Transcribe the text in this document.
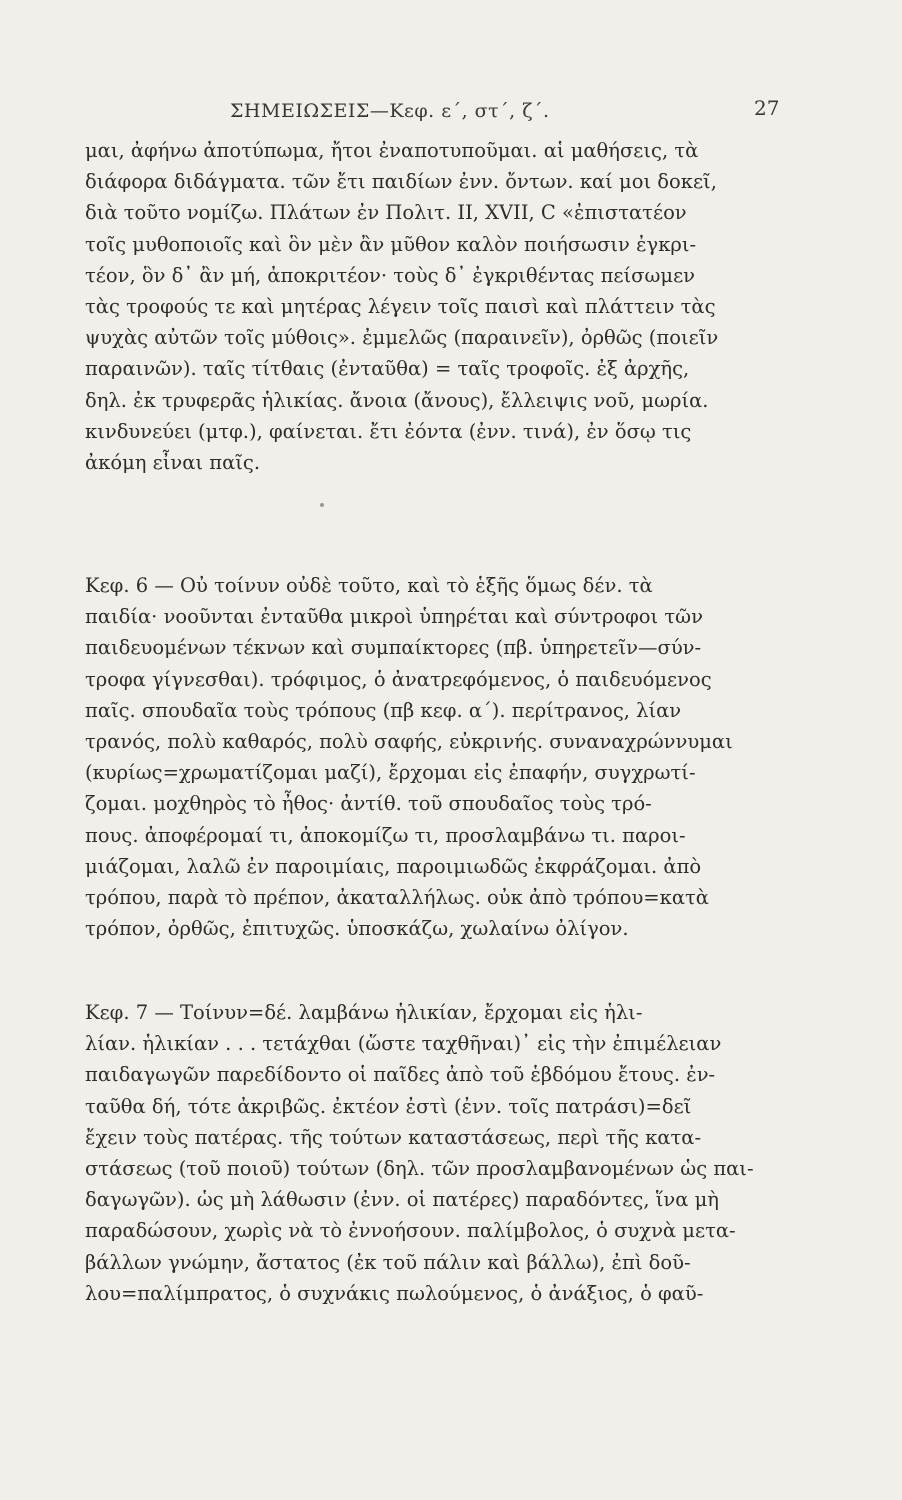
ΣΗΜΕΙΩΣΕΙΣ—Κεφ. ε΄, στ΄, ζ΄.	27
μαι, ἀφήνω ἀποτύπωμα, ἤτοι ἐναποτυποῦμαι. αἱ μαθήσεις, τὰ
διάφορα διδάγματα. τῶν ἔτι παιδίων ἐνν. ὄντων. καί μοι δοκεῖ,
διὰ τοῦτο νομίζω. Πλάτων ἐν Πολιτ. II, XVII, C «ἐπιστατέον
τοῖς μυθοποιοῖς καὶ ὃν μὲν ἂν μῦθον καλὸν ποιήσωσιν ἐγκρι-
τέον, ὃν δ᾽ ἂν μή, ἀποκριτέον· τοὺς δ᾽ ἐγκριθέντας πείσωμεν
τὰς τροφούς τε καὶ μητέρας λέγειν τοῖς παισὶ καὶ πλάττειν τὰς
ψυχὰς αὐτῶν τοῖς μύθοις». ἐμμελῶς (παραινεῖν), ὀρθῶς (ποιεῖν
παραινῶν). ταῖς τίτθαις (ἐνταῦθα) = ταῖς τροφοῖς. ἐξ ἀρχῆς,
δηλ. ἐκ τρυφερᾶς ἡλικίας. ἄνοια (ἄνους), ἔλλειψις νοῦ, μωρία.
κινδυνεύει (μτφ.), φαίνεται. ἔτι ἐόντα (ἐνν. τινά), ἐν ὅσῳ τις
ἀκόμη εἶναι παῖς.
Κεφ. 6 — Οὐ τοίνυν οὐδὲ τοῦτο, καὶ τὸ ἑξῆς ὅμως δέν. τὰ
παιδία· νοοῦνται ἐνταῦθα μικροὶ ὑπηρέται καὶ σύντροφοι τῶν
παιδευομένων τέκνων καὶ συμπαίκτορες (πβ. ὑπηρετεῖν—σύν-
τροφα γίγνεσθαι). τρόφιμος, ὁ ἀνατρεφόμενος, ὁ παιδευόμενος
παῖς. σπουδαῖα τοὺς τρόπους (πβ κεφ. α΄). περίτρανος, λίαν
τρανός, πολὺ καθαρός, πολὺ σαφής, εὐκρινής. συναναχρώννυμαι
(κυρίως=χρωματίζομαι μαζί), ἔρχομαι εἰς ἐπαφήν, συγχρωτί-
ζομαι. μοχθηρὸς τὸ ἦθος· ἀντίθ. τοῦ σπουδαῖος τοὺς τρό-
πους. ἀποφέρομαί τι, ἀποκομίζω τι, προσλαμβάνω τι. παροι-
μιάζομαι, λαλῶ ἐν παροιμίαις, παροιμιωδῶς ἐκφράζομαι. ἀπὸ
τρόπου, παρὰ τὸ πρέπον, ἀκαταλλήλως. οὐκ ἀπὸ τρόπου=κατὰ
τρόπον, ὀρθῶς, ἐπιτυχῶς. ὑποσκάζω, χωλαίνω ὀλίγον.
Κεφ. 7 — Τοίνυν=δέ. λαμβάνω ἡλικίαν, ἔρχομαι εἰς ἡλι-
λίαν. ἡλικίαν . . . τετάχθαι (ὥστε ταχθῆναι)᾽ εἰς τὴν ἐπιμέλειαν
παιδαγωγῶν παρεδίδοντο οἱ παῖδες ἀπὸ τοῦ ἑβδόμου ἔτους. ἐν-
ταῦθα δή, τότε ἀκριβῶς. ἐκτέον ἐστὶ (ἐνν. τοῖς πατράσι)=δεῖ
ἔχειν τοὺς πατέρας. τῆς τούτων καταστάσεως, περὶ τῆς κατα-
στάσεως (τοῦ ποιοῦ) τούτων (δηλ. τῶν προσλαμβανομένων ὡς παι-
δαγωγῶν). ὡς μὴ λάθωσιν (ἐνν. οἱ πατέρες) παραδόντες, ἵνα μὴ
παραδώσουν, χωρὶς νὰ τὸ ἐννοήσουν. παλίμβολος, ὁ συχνὰ μετα-
βάλλων γνώμην, ἄστατος (ἐκ τοῦ πάλιν καὶ βάλλω), ἐπὶ δοῦ-
λου=παλίμπρατος, ὁ συχνάκις πωλούμενος, ὁ ἀνάξιος, ὁ φαῦ-
